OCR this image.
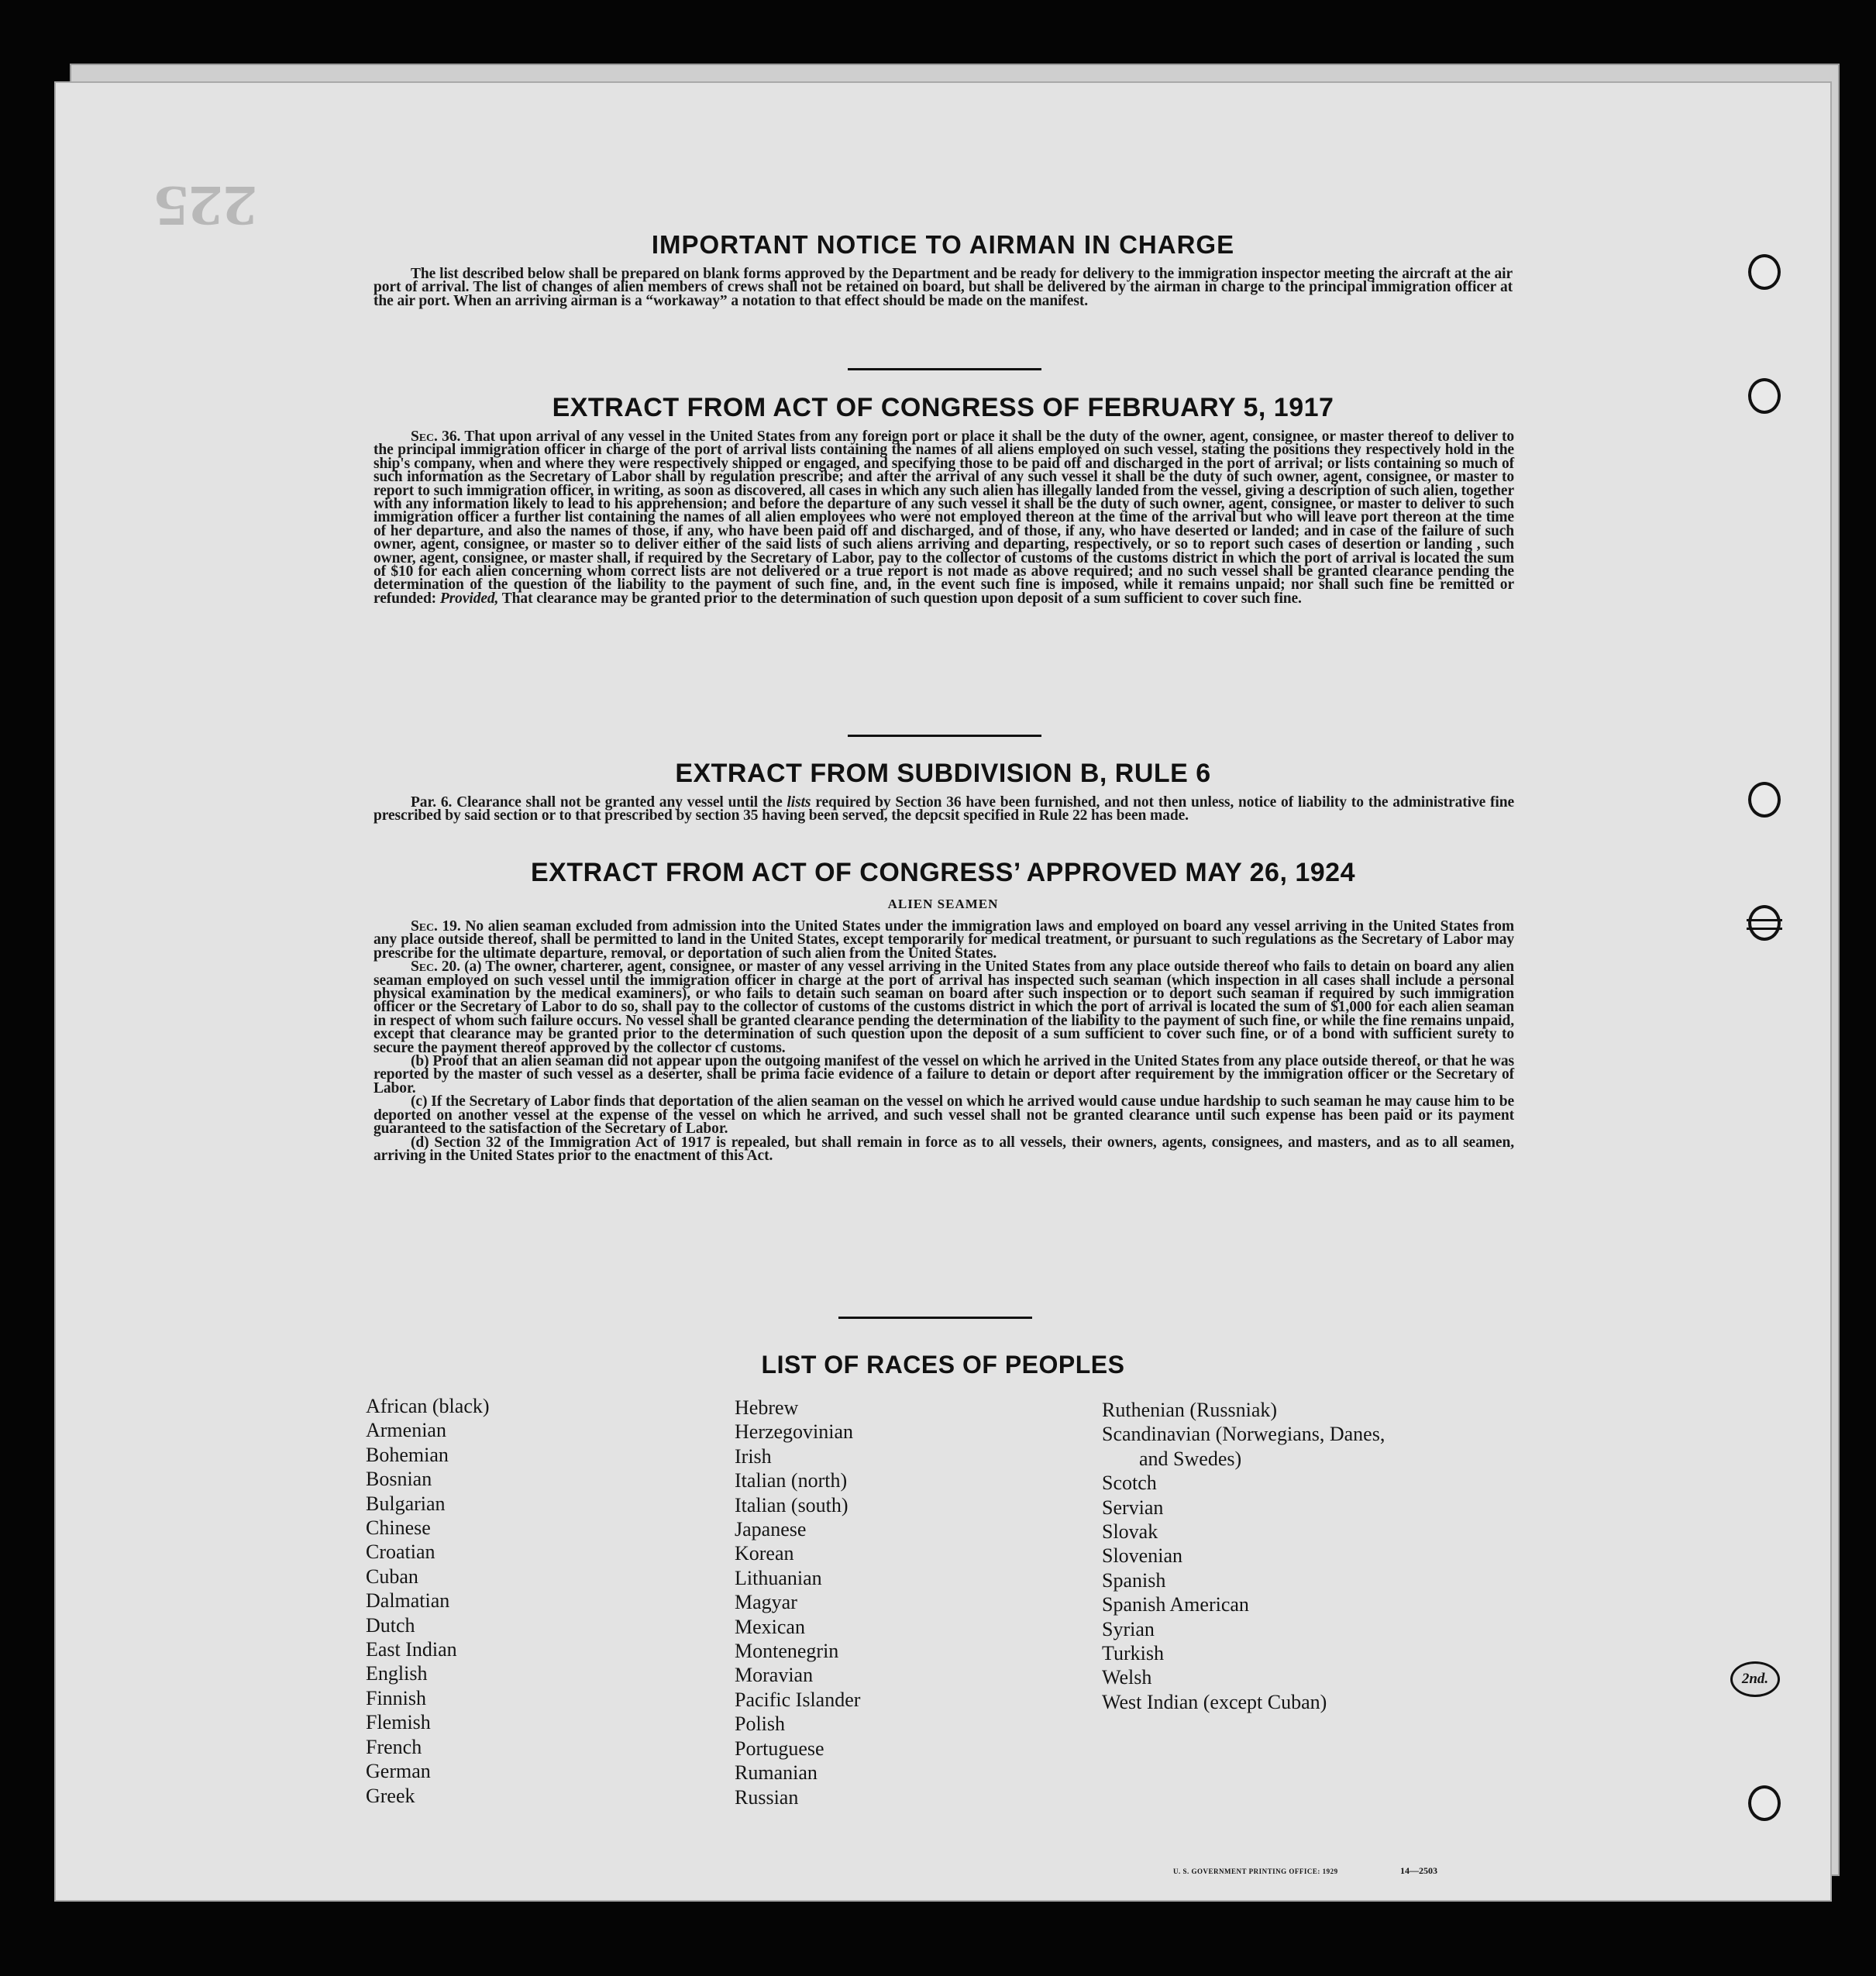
225
IMPORTANT NOTICE TO AIRMAN IN CHARGE

The list described below shall be prepared on blank forms approved by the Department and be ready for delivery to the immigration inspector meeting the aircraft at the air port of arrival. The list of changes of alien members of crews shall not be retained on board, but shall be delivered by the airman in charge to the principal immigration officer at the air port. When an arriving airman is a “workaway” a notation to that effect should be made on the manifest.

EXTRACT FROM ACT OF CONGRESS OF FEBRUARY 5, 1917

Sec. 36. That upon arrival of any vessel in the United States from any foreign port or place it shall be the duty of the owner, agent, consignee, or master thereof to deliver to the principal immigration officer in charge of the port of arrival lists containing the names of all aliens employed on such vessel, stating the positions they respectively hold in the ship's company, when and where they were respectively shipped or engaged, and specifying those to be paid off and discharged in the port of arrival; or lists containing so much of such information as the Secretary of Labor shall by regulation prescribe; and after the arrival of any such vessel it shall be the duty of such owner, agent, consignee, or master to report to such immigration officer, in writing, as soon as discovered, all cases in which any such alien has illegally landed from the vessel, giving a description of such alien, together with any information likely to lead to his apprehension; and before the departure of any such vessel it shall be the duty of such owner, agent, consignee, or master to deliver to such immigration officer a further list containing the names of all alien employees who were not employed thereon at the time of the arrival but who will leave port thereon at the time of her departure, and also the names of those, if any, who have been paid off and discharged, and of those, if any, who have deserted or landed; and in case of the failure of such owner, agent, consignee, or master so to deliver either of the said lists of such aliens arriving and departing, respectively, or so to report such cases of desertion or landing , such owner, agent, consignee, or master shall, if required by the Secretary of Labor, pay to the collector of customs of the customs district in which the port of arrival is located the sum of $10 for each alien concerning whom correct lists are not delivered or a true report is not made as above required; and no such vessel shall be granted clearance pending the determination of the question of the liability to the payment of such fine, and, in the event such fine is imposed, while it remains unpaid; nor shall such fine be remitted or refunded: Provided, That clearance may be granted prior to the determination of such question upon deposit of a sum sufficient to cover such fine.

EXTRACT FROM SUBDIVISION B, RULE 6

Par. 6. Clearance shall not be granted any vessel until the lists required by Section 36 have been furnished, and not then unless, notice of liability to the administrative fine prescribed by said section or to that prescribed by section 35 having been served, the depcsit specified in Rule 22 has been made.

EXTRACT FROM ACT OF CONGRESS’ APPROVED MAY 26, 1924
ALIEN SEAMEN

Sec. 19. No alien seaman excluded from admission into the United States under the immigration laws and employed on board any vessel arriving in the United States from any place outside thereof, shall be permitted to land in the United States, except temporarily for medical treatment, or pursuant to such regulations as the Secretary of Labor may prescribe for the ultimate departure, removal, or deportation of such alien from the United States.

Sec. 20. (a) The owner, charterer, agent, consignee, or master of any vessel arriving in the United States from any place outside thereof who fails to detain on board any alien seaman employed on such vessel until the immigration officer in charge at the port of arrival has inspected such seaman (which inspection in all cases shall include a personal physical examination by the medical examiners), or who fails to detain such seaman on board after such inspection or to deport such seaman if required by such immigration officer or the Secretary of Labor to do so, shall pay to the collector of customs of the customs district in which the port of arrival is located the sum of $1,000 for each alien seaman in respect of whom such failure occurs. No vessel shall be granted clearance pending the determination of the liability to the payment of such fine, or while the fine remains unpaid, except that clearance may be granted prior to the determination of such question upon the deposit of a sum sufficient to cover such fine, or of a bond with sufficient surety to secure the payment thereof approved by the collector cf customs.

(b) Proof that an alien seaman did not appear upon the outgoing manifest of the vessel on which he arrived in the United States from any place outside thereof, or that he was reported by the master of such vessel as a deserter, shall be prima facie evidence of a failure to detain or deport after requirement by the immigration officer or the Secretary of Labor.

(c) If the Secretary of Labor finds that deportation of the alien seaman on the vessel on which he arrived would cause undue hardship to such seaman he may cause him to be deported on another vessel at the expense of the vessel on which he arrived, and such vessel shall not be granted clearance until such expense has been paid or its payment guaranteed to the satisfaction of the Secretary of Labor.

(d) Section 32 of the Immigration Act of 1917 is repealed, but shall remain in force as to all vessels, their owners, agents, consignees, and masters, and as to all seamen, arriving in the United States prior to the enactment of this Act.

LIST OF RACES OF PEOPLES
African (black)
Armenian
Bohemian
Bosnian
Bulgarian
Chinese
Croatian
Cuban
Dalmatian
Dutch
East Indian
English
Finnish
Flemish
French
German
Greek
Hebrew
Herzegovinian
Irish
Italian (north)
Italian (south)
Japanese
Korean
Lithuanian
Magyar
Mexican
Montenegrin
Moravian
Pacific Islander
Polish
Portuguese
Rumanian
Russian
Ruthenian (Russniak)
Scandinavian (Norwegians, Danes,
and Swedes)
Scotch
Servian
Slovak
Slovenian
Spanish
Spanish American
Syrian
Turkish
Welsh
West Indian (except Cuban)
U. S. GOVERNMENT PRINTING OFFICE: 1929	14—2503
2nd.
